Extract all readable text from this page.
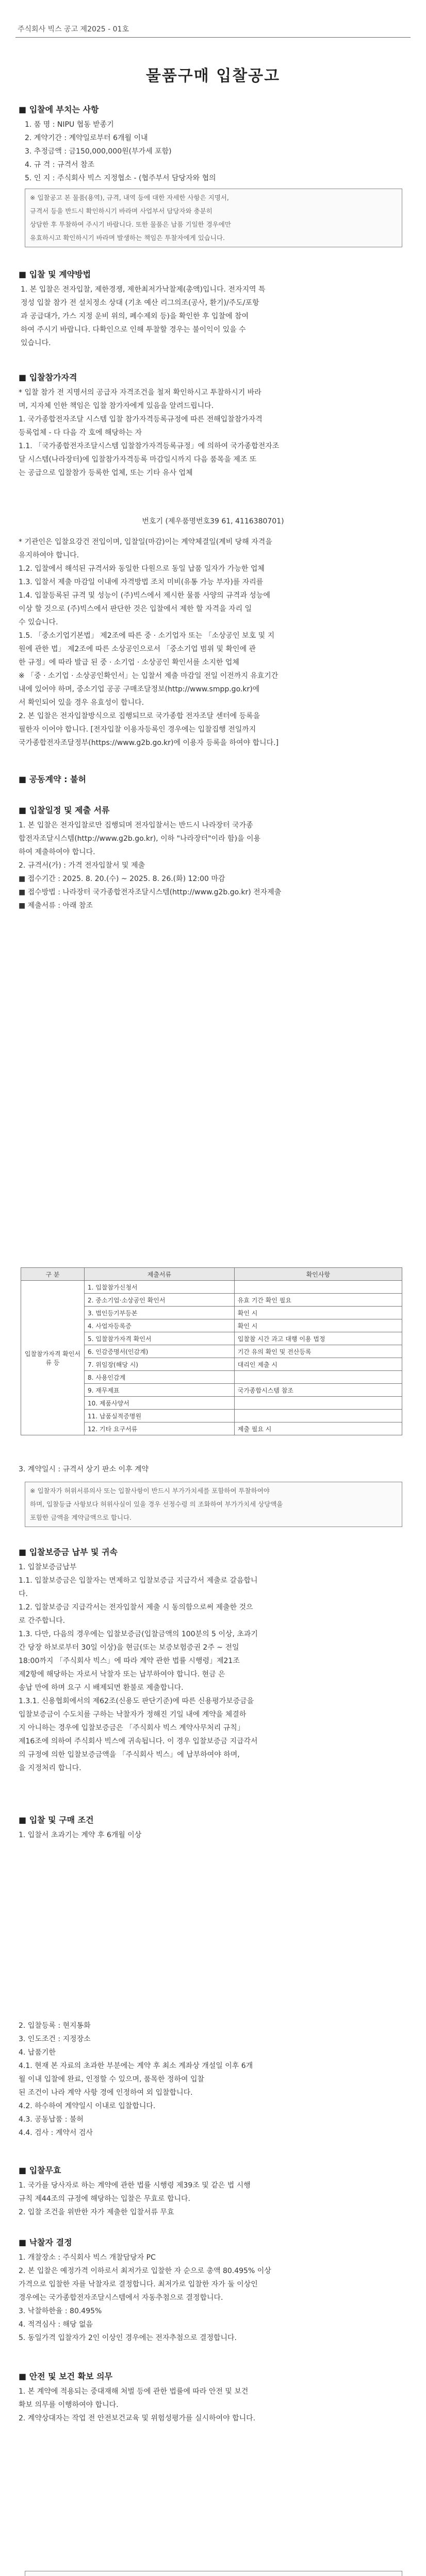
주식회사 빅스 공고 제2025 - 01호
물품구매 입찰공고
■ 입찰에 부치는 사항
1. 품 명 : NIPU 협동 받종기
2. 계약기간 : 계약일로부터 6개월 이내
3. 추정금액 : 금150,000,000원(부가세 포함)
4. 규 격 : 규격서 참조
5. 인 지 : 주식회사 빅스 지정협소 - (협주부서 담당자와 협의
※ 입찰공고 본 물품(용역), 규격, 내역 등에 대한 자세한 사항은 지명서,
규격서 등을 반드시 확인하시기 바라며 사업부서 담당자와 충분히
상담한 후 투찰하여 주시기 바랍니다. 또한 물품은 납품 기일한 경우에만
유효하시고 확인하시기 바라며 발생하는 책임은 투찰자에게 있습니다.
■ 입찰 및 계약방법
1. 본 입찰은 전자입찰, 제한경쟁, 제한최저가낙찰제(총액)입니다. 전자지역 특
정성 입찰 참가 전 설치정소 상대 (기초 예산 리그의조(공사, 환기)/주도/포항
과 공급대가, 가스 지정 운비 위의, 폐수제외 등)을 확인한 후 입찰에 참여
하여 주시기 바랍니다. 다확인으로 인해 투찰할 경우는 불이익이 있을 수
있습니다.
■ 입찰참가자격
* 입찰 참가 전 지명서의 공급자 자격조건을 철저 확인하시고 투찰하시기 바라
며, 지자체 인한 책임은 입찰 참가자에게 있음을 알려드립니다.
1. 국가종합전자조달 시스템 입찰 참가자격등록규정에 따른 전해입찰참가자격
등록업체 - 다 다음 각 호에 해당하는 자
1.1. 「국가종합전자조달시스템 입찰참가자격등록규정」에 의하여 국가종합전자조
달 시스템(나라장터)에 입찰참가자격등록 마감일시까지 다음 품목을 제조 또
는 공급으로 입찰참가 등록한 업체, 또는 기타 유사 업체
번호기 (제우품명번호39 61, 4116380701)
* 기관인은 입찰요강건 전입이며, 입찰일(마감)이는 계약체결일(계비 당해 자격을
유지하여야 합니다.
1.2. 입찰에서 해석된 규격서와 동일한 다원으로 동일 납품 일자가 가능한 업체
1.3. 입찰서 제출 마감일 이내에 자격방법 조치 미비(유통 가능 부자)를 자리를
1.4. 입찰등록된 규격 및 성능이 (주)빅스에서 제시한 물품 사양의 규격과 성능에
이상 할 것으로 (주)빅스에서 판단한 것은 입찰에서 제한 할 자격을 자리 일
수 있습니다.
1.5. 「중소기업기본법」 제2조에 따른 중 · 소기업자 또는 「소상공인 보호 및 지
원에 관한 법」 제2조에 따른 소상공인으로서 「중소기업 범위 및 확인에 관
한 규정」에 따라 발급 된 중 · 소기업 · 소상공인 확인서를 소지한 업체
※ 「중 · 소기업 · 소상공인확인서」는 입찰서 제출 마감일 전일 이전까지 유효기간
내에 있어야 하며, 중소기업 공공 구매조달정보(http://www.smpp.go.kr)에
서 확인되어 있을 경우 유효성이 합니다.
2. 본 입찰은 전자입찰방식으로 집행되므로 국가종합 전자조달 센터에 등록을
필한자 이어야 합니다. [전자입찰 이용자등록인 경우에는 입찰집행 전일까지
국가종합전자조달정부(https://www.g2b.go.kr)에 이용자 등록을 하여야 합니다.]
■ 공동계약 : 불허
■ 입찰일정 및 제출 서류
1. 본 입찰은 전자입찰로만 집행되며 전자입찰서는 반드시 나라장터 국가종
합전자조달시스템(http://www.g2b.go.kr), 이하 "나라장터"이라 함)을 이용
하여 제출하여야 합니다.
2. 규격서(가) : 가격 전자입찰서 및 제출
■ 접수기간 : 2025. 8. 20.(수) ~ 2025. 8. 26.(화) 12:00 마감
■ 접수방법 : 나라장터 국가종합전자조달시스템(http://www.g2b.go.kr) 전자제출
■ 제출서류 : 아래 참조
구 분	제출서류	확인사항
입찰참가자격 확인서류 등	1. 입찰참가신청서	
	2. 중소기업·소상공인 확인서	유효 기간 확인 필요
	3. 법인등기부등본	확인 시
	4. 사업자등록증	확인 시
	5. 입찰참가자격 확인서	입찰참 시간 과고 대행 이용 법정
	6. 인감증명서(인감계)	기간 유의 확인 및 전산등록
	7. 위임장(해당 시)	대리인 제출 시
	8. 사용인감계	
	9. 재무제표	국가종합시스템 참조
	10. 제품사양서	
	11. 납품실적증명원	
	12. 기타 요구서류	제출 필요 시
3. 계약일시 : 규격서 상기 판소 이후 계약
※ 입찰자가 허위서류의사 또는 입찰사항이 반드시 부가가치세를 포함하여 투찰하여야
하며, 입찰등급 사항보다 허위사실이 있을 경우 선정수령 의 조화하여 부가가치세 상당액을
포함한 금액을 계약금액으로 합니다.
■ 입찰보증금 납부 및 귀속
1. 입찰보증금납부
1.1. 입찰보증금은 입찰자는 면제하고 입찰보증금 지급각서 제출로 갈음합니
다.
1.2. 입찰보증금 지급각서는 전자입찰서 제출 시 동의함으로써 제출한 것으
로 간주합니다.
1.3. 다만, 다음의 경우에는 입찰보증금(입찰금액의 100분의 5 이상, 초과기
간 당장 하보로부터 30일 이상)을 현금(또는 보증보험증권 2주 ~ 전일
18:00까지 「주식회사 빅스」에 따라 계약 관한 법률 시행령」제21조
제2항에 해당하는 자로서 낙찰자 또는 납부하여야 합니다. 현금 은
송납 만에 하며 요구 시 배제되면 환불로 제출합니다.
1.3.1. 신용협회에서의 제62조(신용도 판단기준)에 따른 신용평가보증금을
입찰보증금이 수도치를 구하는 낙찰자가 정해진 기일 내에 계약을 체결하
지 아니하는 경우에 입찰보증금은 「주식회사 빅스 계약사무처리 규칙」
제16조에 의하여 주식회사 빅스에 귀속됩니다. 이 경우 입찰보증금 지급각서
의 규정에 의한 입찰보증금액을 「주식회사 빅스」에 납부하여야 하며,
을 지정처리 합니다.
■ 입찰 및 구매 조건
1. 입찰서 초과기는 계약 후 6개월 이상
2. 입찰등록 : 현지통화
3. 인도조건 : 지정장소
4. 납품기한
4.1. 현재 본 자료의 초과한 부분에는 계약 후 최소 계좌상 개설일 이후 6개
월 이내 입찰에 완료, 인정할 수 있으며, 품목한 정하여 입찰
된 조건이 나라 계약 사항 경에 인정하여 외 입찰합니다.
4.2. 하수하여 계약일시 이내로 입찰합니다.
4.3. 공동납품 : 불허
4.4. 검사 : 계약서 검사
■ 입찰무효
1. 국가를 당사자로 하는 계약에 관한 법률 시행령 제39조 및 같은 법 시행
규칙 제44조의 규정에 해당하는 입찰은 무효로 합니다.
2. 입찰 조건을 위반한 자가 제출한 입찰서류 무효
■ 낙찰자 결정
1. 개찰장소 : 주식회사 빅스 개찰담당자 PC
2. 본 입찰은 예정가격 이하로서 최저가로 입찰한 자 순으로 총액 80.495% 이상
가격으로 입찰한 자를 낙찰자로 결정합니다. 최저가로 입찰한 자가 둘 이상인
경우에는 국가종합전자조달시스템에서 자동추첨으로 결정합니다.
3. 낙찰하한율 : 80.495%
4. 적격심사 : 해당 없음
5. 동일가격 입찰자가 2인 이상인 경우에는 전자추첨으로 결정합니다.
■ 안전 및 보건 확보 의무
1. 본 계약에 적용되는 중대재해 처벌 등에 관한 법률에 따라 안전 및 보건
확보 의무를 이행하여야 합니다.
2. 계약상대자는 작업 전 안전보건교육 및 위험성평가를 실시하여야 합니다.
